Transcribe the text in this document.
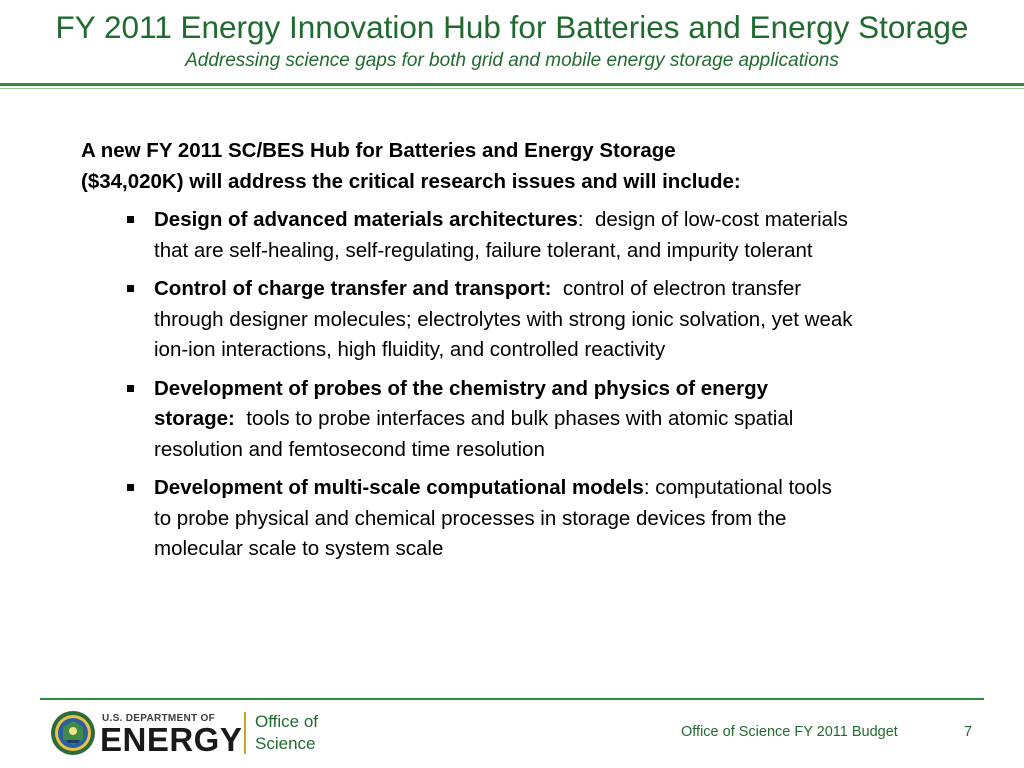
FY 2011 Energy Innovation Hub for Batteries and Energy Storage
Addressing science gaps for both grid and mobile energy storage applications
A new FY 2011 SC/BES Hub for Batteries and Energy Storage
($34,020K) will address the critical research issues and will include:
Design of advanced materials architectures:  design of low-cost materials that are self-healing, self-regulating, failure tolerant, and impurity tolerant
Control of charge transfer and transport: control of electron transfer through designer molecules; electrolytes with strong ionic solvation, yet weak ion-ion interactions, high fluidity, and controlled reactivity
Development of probes of the chemistry and physics of energy storage: tools to probe interfaces and bulk phases with atomic spatial resolution and femtosecond time resolution
Development of multi-scale computational models: computational tools to probe physical and chemical processes in storage devices from the molecular scale to system scale
U.S. DEPARTMENT OF
ENERGY Office of
Science
Office of Science FY 2011 Budget	7
